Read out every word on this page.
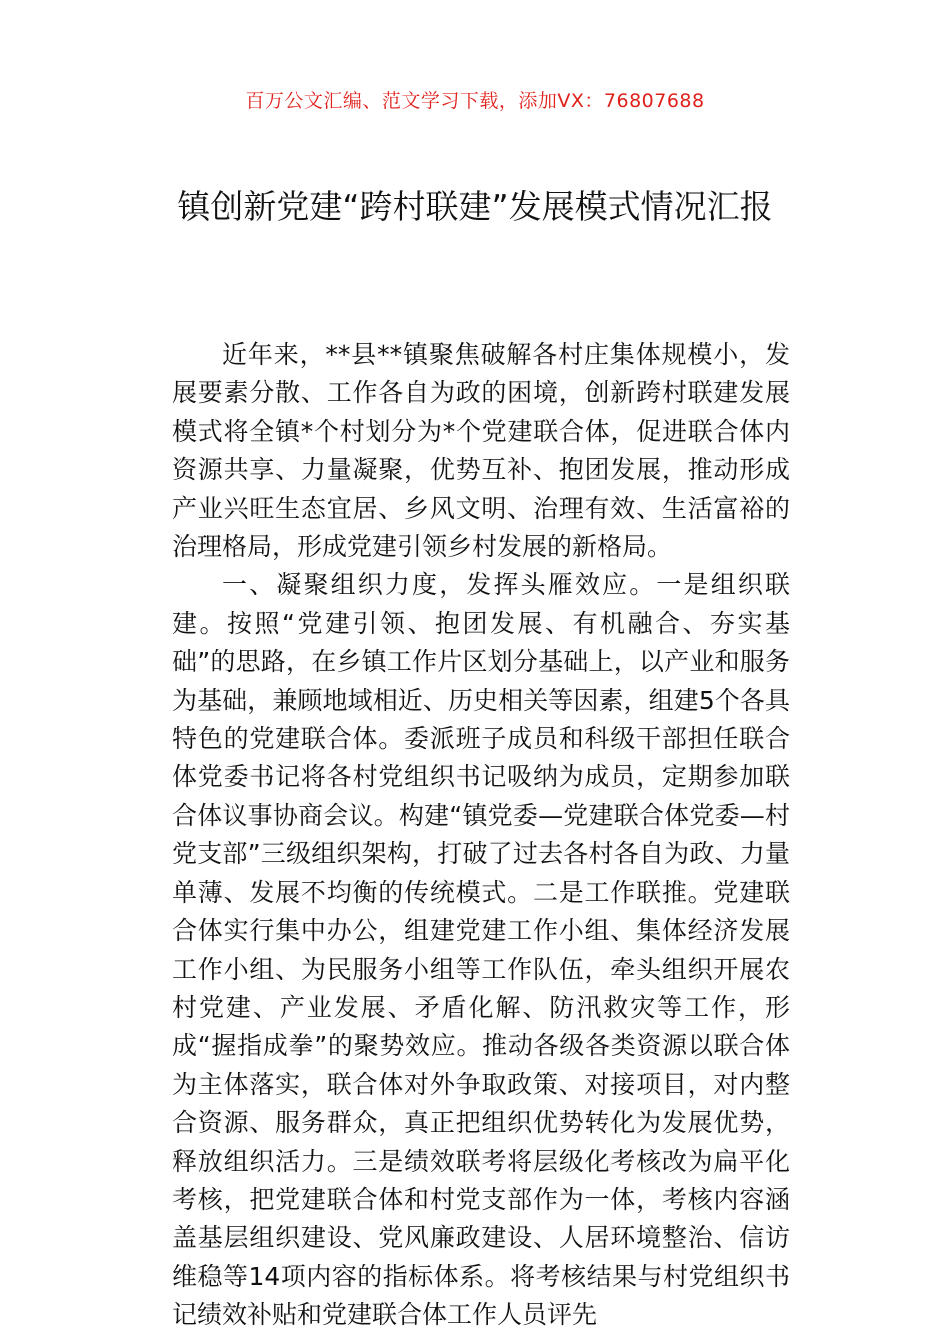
百万公文汇编、范文学习下载，添加VX：76807688
镇创新党建“跨村联建”发展模式情况汇报

近年来，**县**镇聚焦破解各村庄集体规模小，发展要素分散、工作各自为政的困境，创新跨村联建发展模式将全镇*个村划分为*个党建联合体，促进联合体内资源共享、力量凝聚，优势互补、抱团发展，推动形成产业兴旺生态宜居、乡风文明、治理有效、生活富裕的治理格局，形成党建引领乡村发展的新格局。

一、凝聚组织力度，发挥头雁效应。一是组织联建。按照“党建引领、抱团发展、有机融合、夯实基础”的思路，在乡镇工作片区划分基础上，以产业和服务为基础，兼顾地域相近、历史相关等因素，组建5个各具特色的党建联合体。委派班子成员和科级干部担任联合体党委书记将各村党组织书记吸纳为成员，定期参加联合体议事协商会议。构建“镇党委—党建联合体党委—村党支部”三级组织架构，打破了过去各村各自为政、力量单薄、发展不均衡的传统模式。二是工作联推。党建联合体实行集中办公，组建党建工作小组、集体经济发展工作小组、为民服务小组等工作队伍，牵头组织开展农村党建、产业发展、矛盾化解、防汛救灾等工作，形成“握指成拳”的聚势效应。推动各级各类资源以联合体为主体落实，联合体对外争取政策、对接项目，对内整合资源、服务群众，真正把组织优势转化为发展优势，释放组织活力。三是绩效联考将层级化考核改为扁平化考核，把党建联合体和村党支部作为一体，考核内容涵盖基层组织建设、党风廉政建设、人居环境整治、信访维稳等14项内容的指标体系。将考核结果与村党组织书记绩效补贴和党建联合体工作人员评先
